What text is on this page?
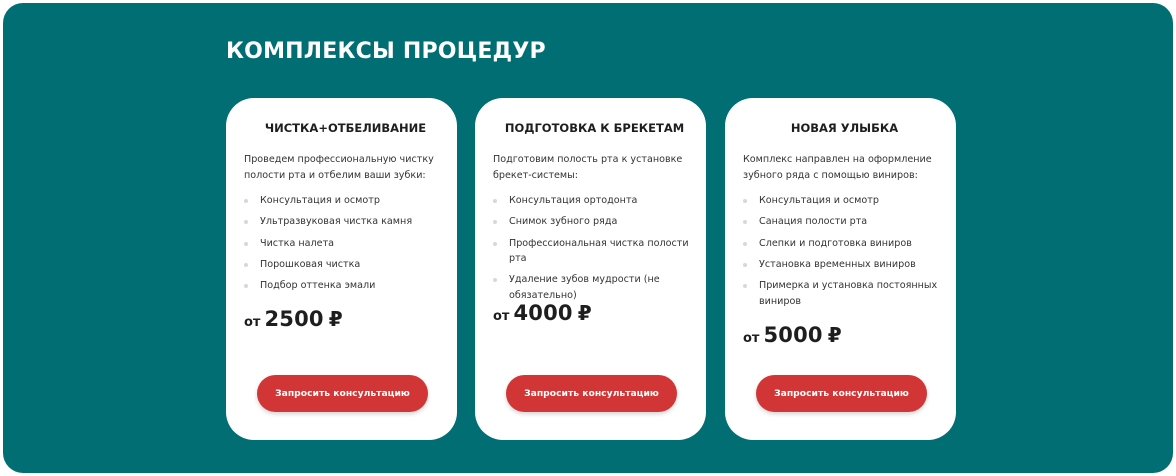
КОМПЛЕКСЫ ПРОЦЕДУР
ЧИСТКА+ОТБЕЛИВАНИЕ

Проведем профессиональную чистку полости рта и отбелим ваши зубки:

Консультация и осмотр
Ультразвуковая чистка камня
Чистка налета
Порошковая чистка
Подбор оттенка эмали

от 2500 ₽

Запросить консультацию
ПОДГОТОВКА К БРЕКЕТАМ

Подготовим полость рта к установке брекет-системы:

Консультация ортодонта
Снимок зубного ряда
Профессиональная чистка полости рта
Удаление зубов мудрости (не обязательно)

от 4000 ₽

Запросить консультацию
НОВАЯ УЛЫБКА

Комплекс направлен на оформление зубного ряда с помощью виниров:

Консультация и осмотр
Санация полости рта
Слепки и подготовка виниров
Установка временных виниров
Примерка и установка постоянных виниров

от 5000 ₽

Запросить консультацию
